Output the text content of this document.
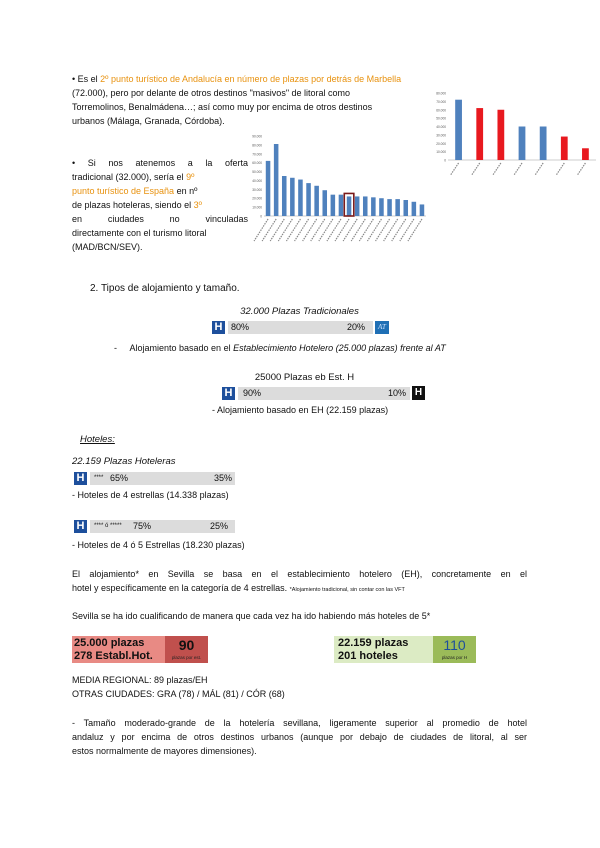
• Es el 2º punto turístico de Andalucía en número de plazas por detrás de Marbella
(72.000), pero por delante de otros destinos "masivos" de litoral como
Torremolinos, Benalmádena…; así como muy por encima de otros destinos
urbanos (Málaga, Granada, Córdoba).
• Si nos atenemos a la oferta
tradicional (32.000), sería el 9º
punto turístico de España en nº
de plazas hoteleras, siendo el 3º
en ciudades no vinculadas
directamente con el turismo litoral
(MAD/BCN/SEV).
90.000
80.000
70.000
60.000
50.000
40.000
30.000
20.000
10.000
0
80.000
70.000
60.000
50.000
40.000
30.000
20.000
10.000
0
2. Tipos de alojamiento y tamaño.
32.000 Plazas Tradicionales
H 80%	20%	AT
-     Alojamiento basado en el Establecimiento Hotelero (25.000 plazas) frente al AT
25000 Plazas eb Est. H
H 90%	10% H
- Alojamiento basado en EH (22.159 plazas)
Hoteles:
22.159 Plazas Hoteleras
H	**** 65%	35%
- Hoteles de 4 estrellas (14.338 plazas)
H	**** ó ***** 75%	25%
- Hoteles de 4 ó 5 Estrellas (18.230 plazas)
El alojamiento* en Sevilla se basa en el establecimiento hotelero (EH), concretamente en el
hotel y específicamente en la categoría de 4 estrellas. *Alojamiento tradicional, sin contar con las VFT
Sevilla se ha ido cualificando de manera que cada vez ha ido habiendo más hoteles de 5*
25.000 plazas
278 Establ.Hot.
90
plazas por est.
22.159 plazas
201 hoteles
110
plazas por H
MEDIA REGIONAL: 89 plazas/EH
OTRAS CIUDADES: GRA (78) / MÁL (81) / CÓR (68)
- Tamaño moderado-grande de la hotelería sevillana, ligeramente superior al promedio de hotel
andaluz y por encima de otros destinos urbanos (aunque por debajo de ciudades de litoral, al ser
estos normalmente de mayores dimensiones).
